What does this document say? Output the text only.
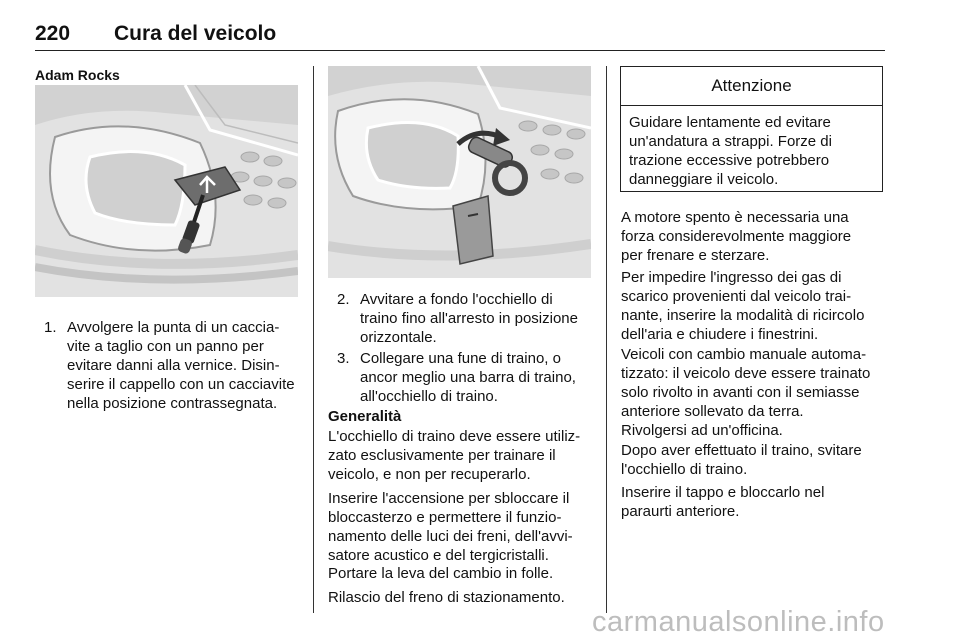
220 Cura del veicolo
Adam Rocks
1. Avvolgere la punta di un caccia-
vite a taglio con un panno per
evitare danni alla vernice. Disin-
serire il cappello con un cacciavite
nella posizione contrassegnata.
2. Avvitare a fondo l'occhiello di
traino fino all'arresto in posizione
orizzontale.
3. Collegare una fune di traino, o
ancor meglio una barra di traino,
all'occhiello di traino.
Generalità
L'occhiello di traino deve essere utiliz-
zato esclusivamente per trainare il
veicolo, e non per recuperarlo.
Inserire l'accensione per sbloccare il
bloccasterzo e permettere il funzio-
namento delle luci dei freni, dell'avvi-
satore acustico e del tergicristalli.
Portare la leva del cambio in folle.
Rilascio del freno di stazionamento.
Attenzione
Guidare lentamente ed evitare
un'andatura a strappi. Forze di
trazione eccessive potrebbero
danneggiare il veicolo.
A motore spento è necessaria una
forza considerevolmente maggiore
per frenare e sterzare.
Per impedire l'ingresso dei gas di
scarico provenienti dal veicolo trai-
nante, inserire la modalità di ricircolo
dell'aria e chiudere i finestrini.
Veicoli con cambio manuale automa-
tizzato: il veicolo deve essere trainato
solo rivolto in avanti con il semiasse
anteriore sollevato da terra.
Rivolgersi ad un'officina.
Dopo aver effettuato il traino, svitare
l'occhiello di traino.
Inserire il tappo e bloccarlo nel
paraurti anteriore.
carmanualsonline.info
